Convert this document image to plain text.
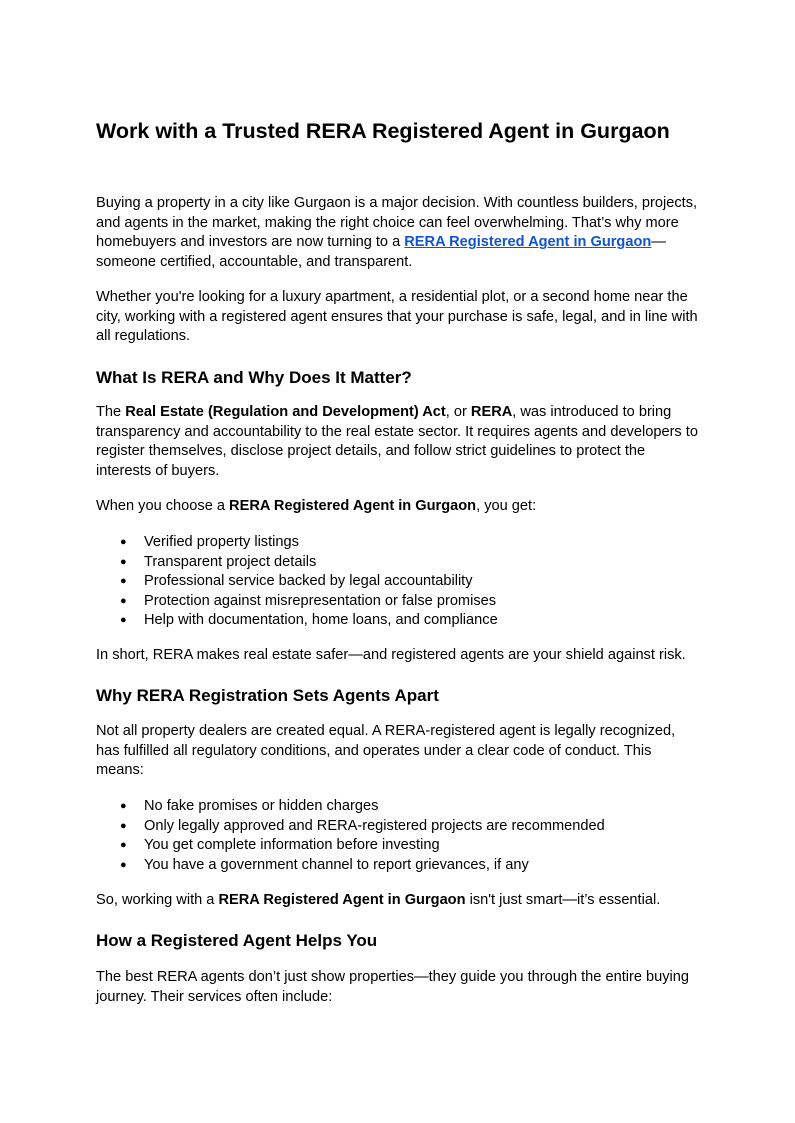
Work with a Trusted RERA Registered Agent in Gurgaon

Buying a property in a city like Gurgaon is a major decision. With countless builders, projects, and agents in the market, making the right choice can feel overwhelming. That’s why more homebuyers and investors are now turning to a RERA Registered Agent in Gurgaon—someone certified, accountable, and transparent.

Whether you're looking for a luxury apartment, a residential plot, or a second home near the city, working with a registered agent ensures that your purchase is safe, legal, and in line with all regulations.

What Is RERA and Why Does It Matter?

The Real Estate (Regulation and Development) Act, or RERA, was introduced to bring transparency and accountability to the real estate sector. It requires agents and developers to register themselves, disclose project details, and follow strict guidelines to protect the interests of buyers.

When you choose a RERA Registered Agent in Gurgaon, you get:

● Verified property listings
● Transparent project details
● Professional service backed by legal accountability
● Protection against misrepresentation or false promises
● Help with documentation, home loans, and compliance

In short, RERA makes real estate safer—and registered agents are your shield against risk.

Why RERA Registration Sets Agents Apart

Not all property dealers are created equal. A RERA-registered agent is legally recognized, has fulfilled all regulatory conditions, and operates under a clear code of conduct. This means:

● No fake promises or hidden charges
● Only legally approved and RERA-registered projects are recommended
● You get complete information before investing
● You have a government channel to report grievances, if any

So, working with a RERA Registered Agent in Gurgaon isn't just smart—it’s essential.

How a Registered Agent Helps You

The best RERA agents don’t just show properties—they guide you through the entire buying journey. Their services often include:
